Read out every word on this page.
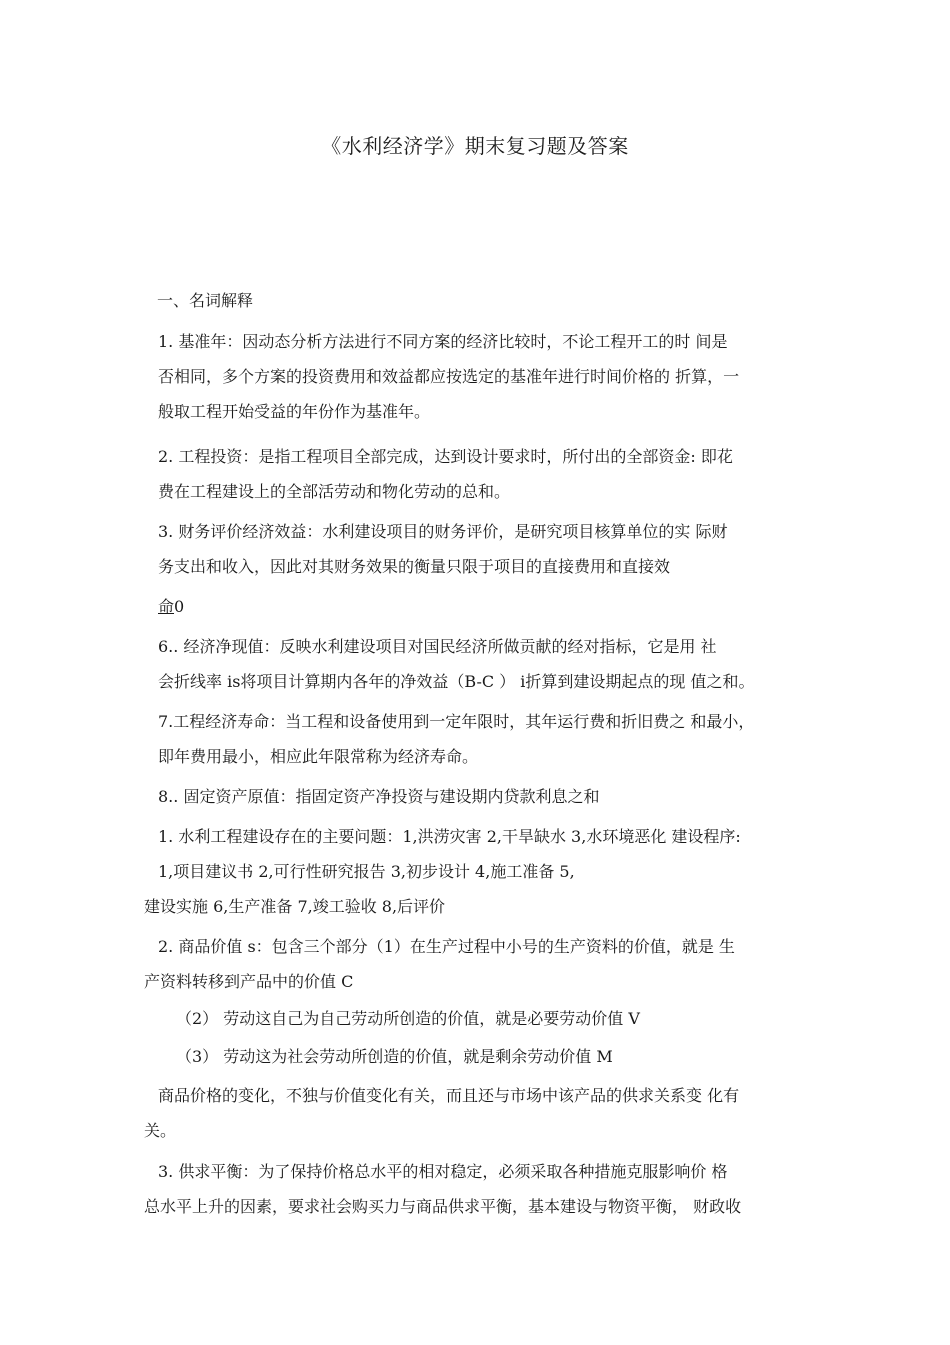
《水利经济学》期末复习题及答案
一、名词解释
1. 基准年：因动态分析方法进行不同方案的经济比较时，不论工程开工的时 间是
否相同，多个方案的投资费用和效益都应按选定的基准年进行时间价格的 折算，一
般取工程开始受益的年份作为基准年。
2. 工程投资：是指工程项目全部完成，达到设计要求时，所付出的全部资金: 即花
费在工程建设上的全部活劳动和物化劳动的总和。
3. 财务评价经济效益：水利建设项目的财务评价，是研究项目核算单位的实 际财
务支出和收入，因此对其财务效果的衡量只限于项目的直接费用和直接效
命0
6.. 经济净现值：反映水利建设项目对国民经济所做贡献的经对指标，它是用 社
会折线率 is将项目计算期内各年的净效益（B-C ） i折算到建设期起点的现 值之和。
7.工程经济寿命：当工程和设备使用到一定年限时，其年运行费和折旧费之 和最小，
即年费用最小，相应此年限常称为经济寿命。
8.. 固定资产原值：指固定资产净投资与建设期内贷款利息之和
1. 水利工程建设存在的主要问题：1,洪涝灾害 2,干旱缺水 3,水环境恶化 建设程序:
1,项目建议书 2,可行性研究报告 3,初步设计 4,施工准备 5,
建设实施 6,生产准备 7,竣工验收 8,后评价
2. 商品价值 s：包含三个部分（1）在生产过程中小号的生产资料的价值，就是 生
产资料转移到产品中的价值 C
（2） 劳动这自己为自己劳动所创造的价值，就是必要劳动价值 V
（3） 劳动这为社会劳动所创造的价值，就是剩余劳动价值 M
商品价格的变化，不独与价值变化有关，而且还与市场中该产品的供求关系变 化有
关。
3. 供求平衡：为了保持价格总水平的相对稳定，必须采取各种措施克服影响价 格
总水平上升的因素，要求社会购买力与商品供求平衡，基本建设与物资平衡， 财政收
